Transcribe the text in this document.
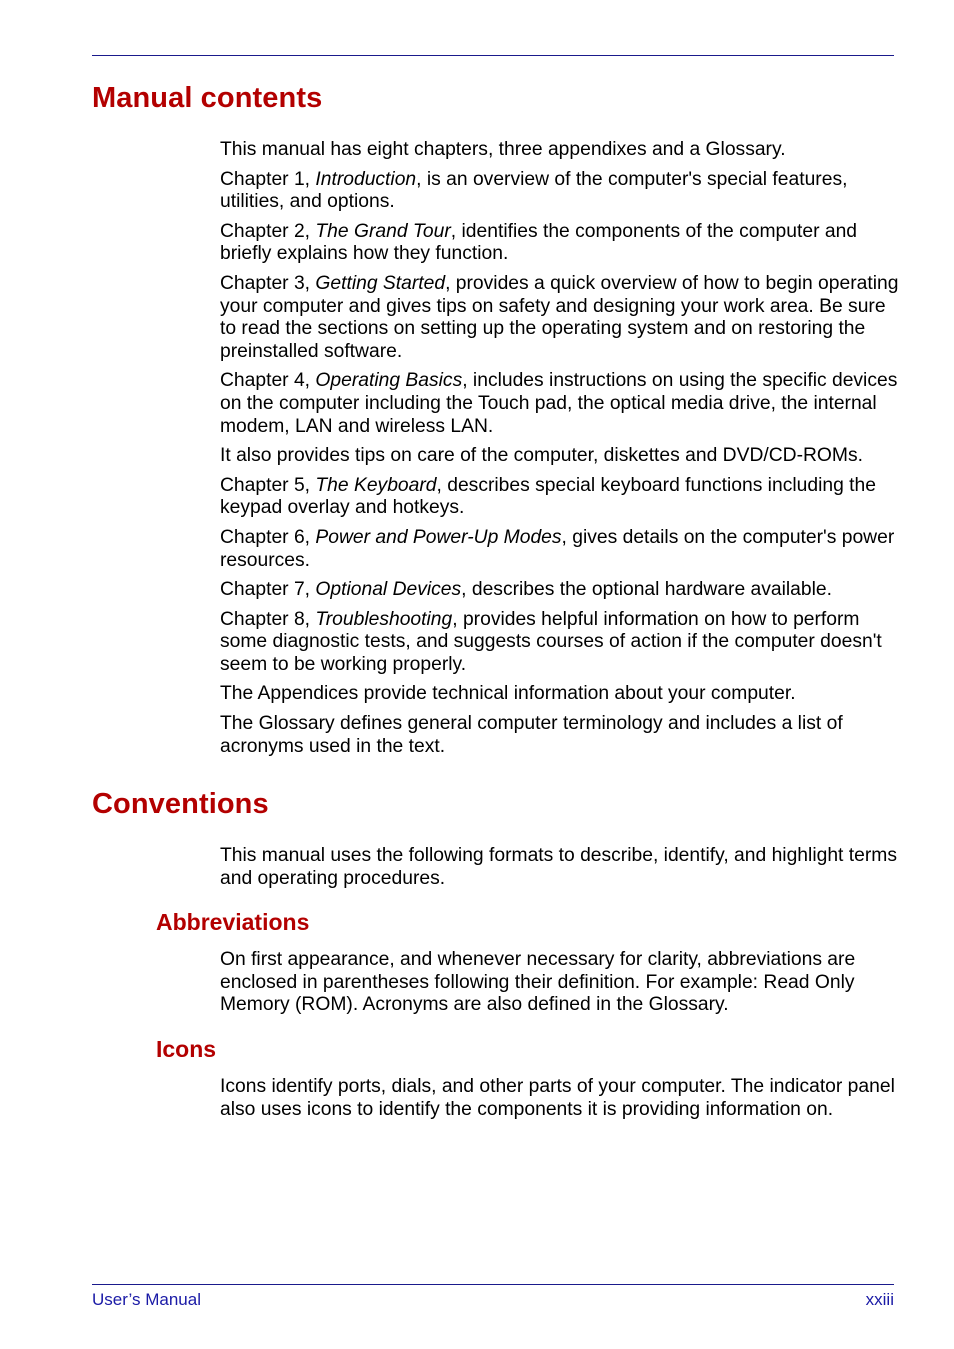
Manual contents

This manual has eight chapters, three appendixes and a Glossary.

Chapter 1, Introduction, is an overview of the computer's special features, utilities, and options.

Chapter 2, The Grand Tour, identifies the components of the computer and briefly explains how they function.

Chapter 3, Getting Started, provides a quick overview of how to begin operating your computer and gives tips on safety and designing your work area. Be sure to read the sections on setting up the operating system and on restoring the preinstalled software.

Chapter 4, Operating Basics, includes instructions on using the specific devices on the computer including the Touch pad, the optical media drive, the internal modem, LAN and wireless LAN.

It also provides tips on care of the computer, diskettes and DVD/CD-ROMs.

Chapter 5, The Keyboard, describes special keyboard functions including the keypad overlay and hotkeys.

Chapter 6, Power and Power-Up Modes, gives details on the computer's power resources.

Chapter 7, Optional Devices, describes the optional hardware available.

Chapter 8, Troubleshooting, provides helpful information on how to perform some diagnostic tests, and suggests courses of action if the computer doesn't seem to be working properly.

The Appendices provide technical information about your computer.

The Glossary defines general computer terminology and includes a list of acronyms used in the text.

Conventions

This manual uses the following formats to describe, identify, and highlight terms and operating procedures.

Abbreviations

On first appearance, and whenever necessary for clarity, abbreviations are enclosed in parentheses following their definition. For example: Read Only Memory (ROM). Acronyms are also defined in the Glossary.

Icons

Icons identify ports, dials, and other parts of your computer. The indicator panel also uses icons to identify the components it is providing information on.

User’s Manual	xxiii
